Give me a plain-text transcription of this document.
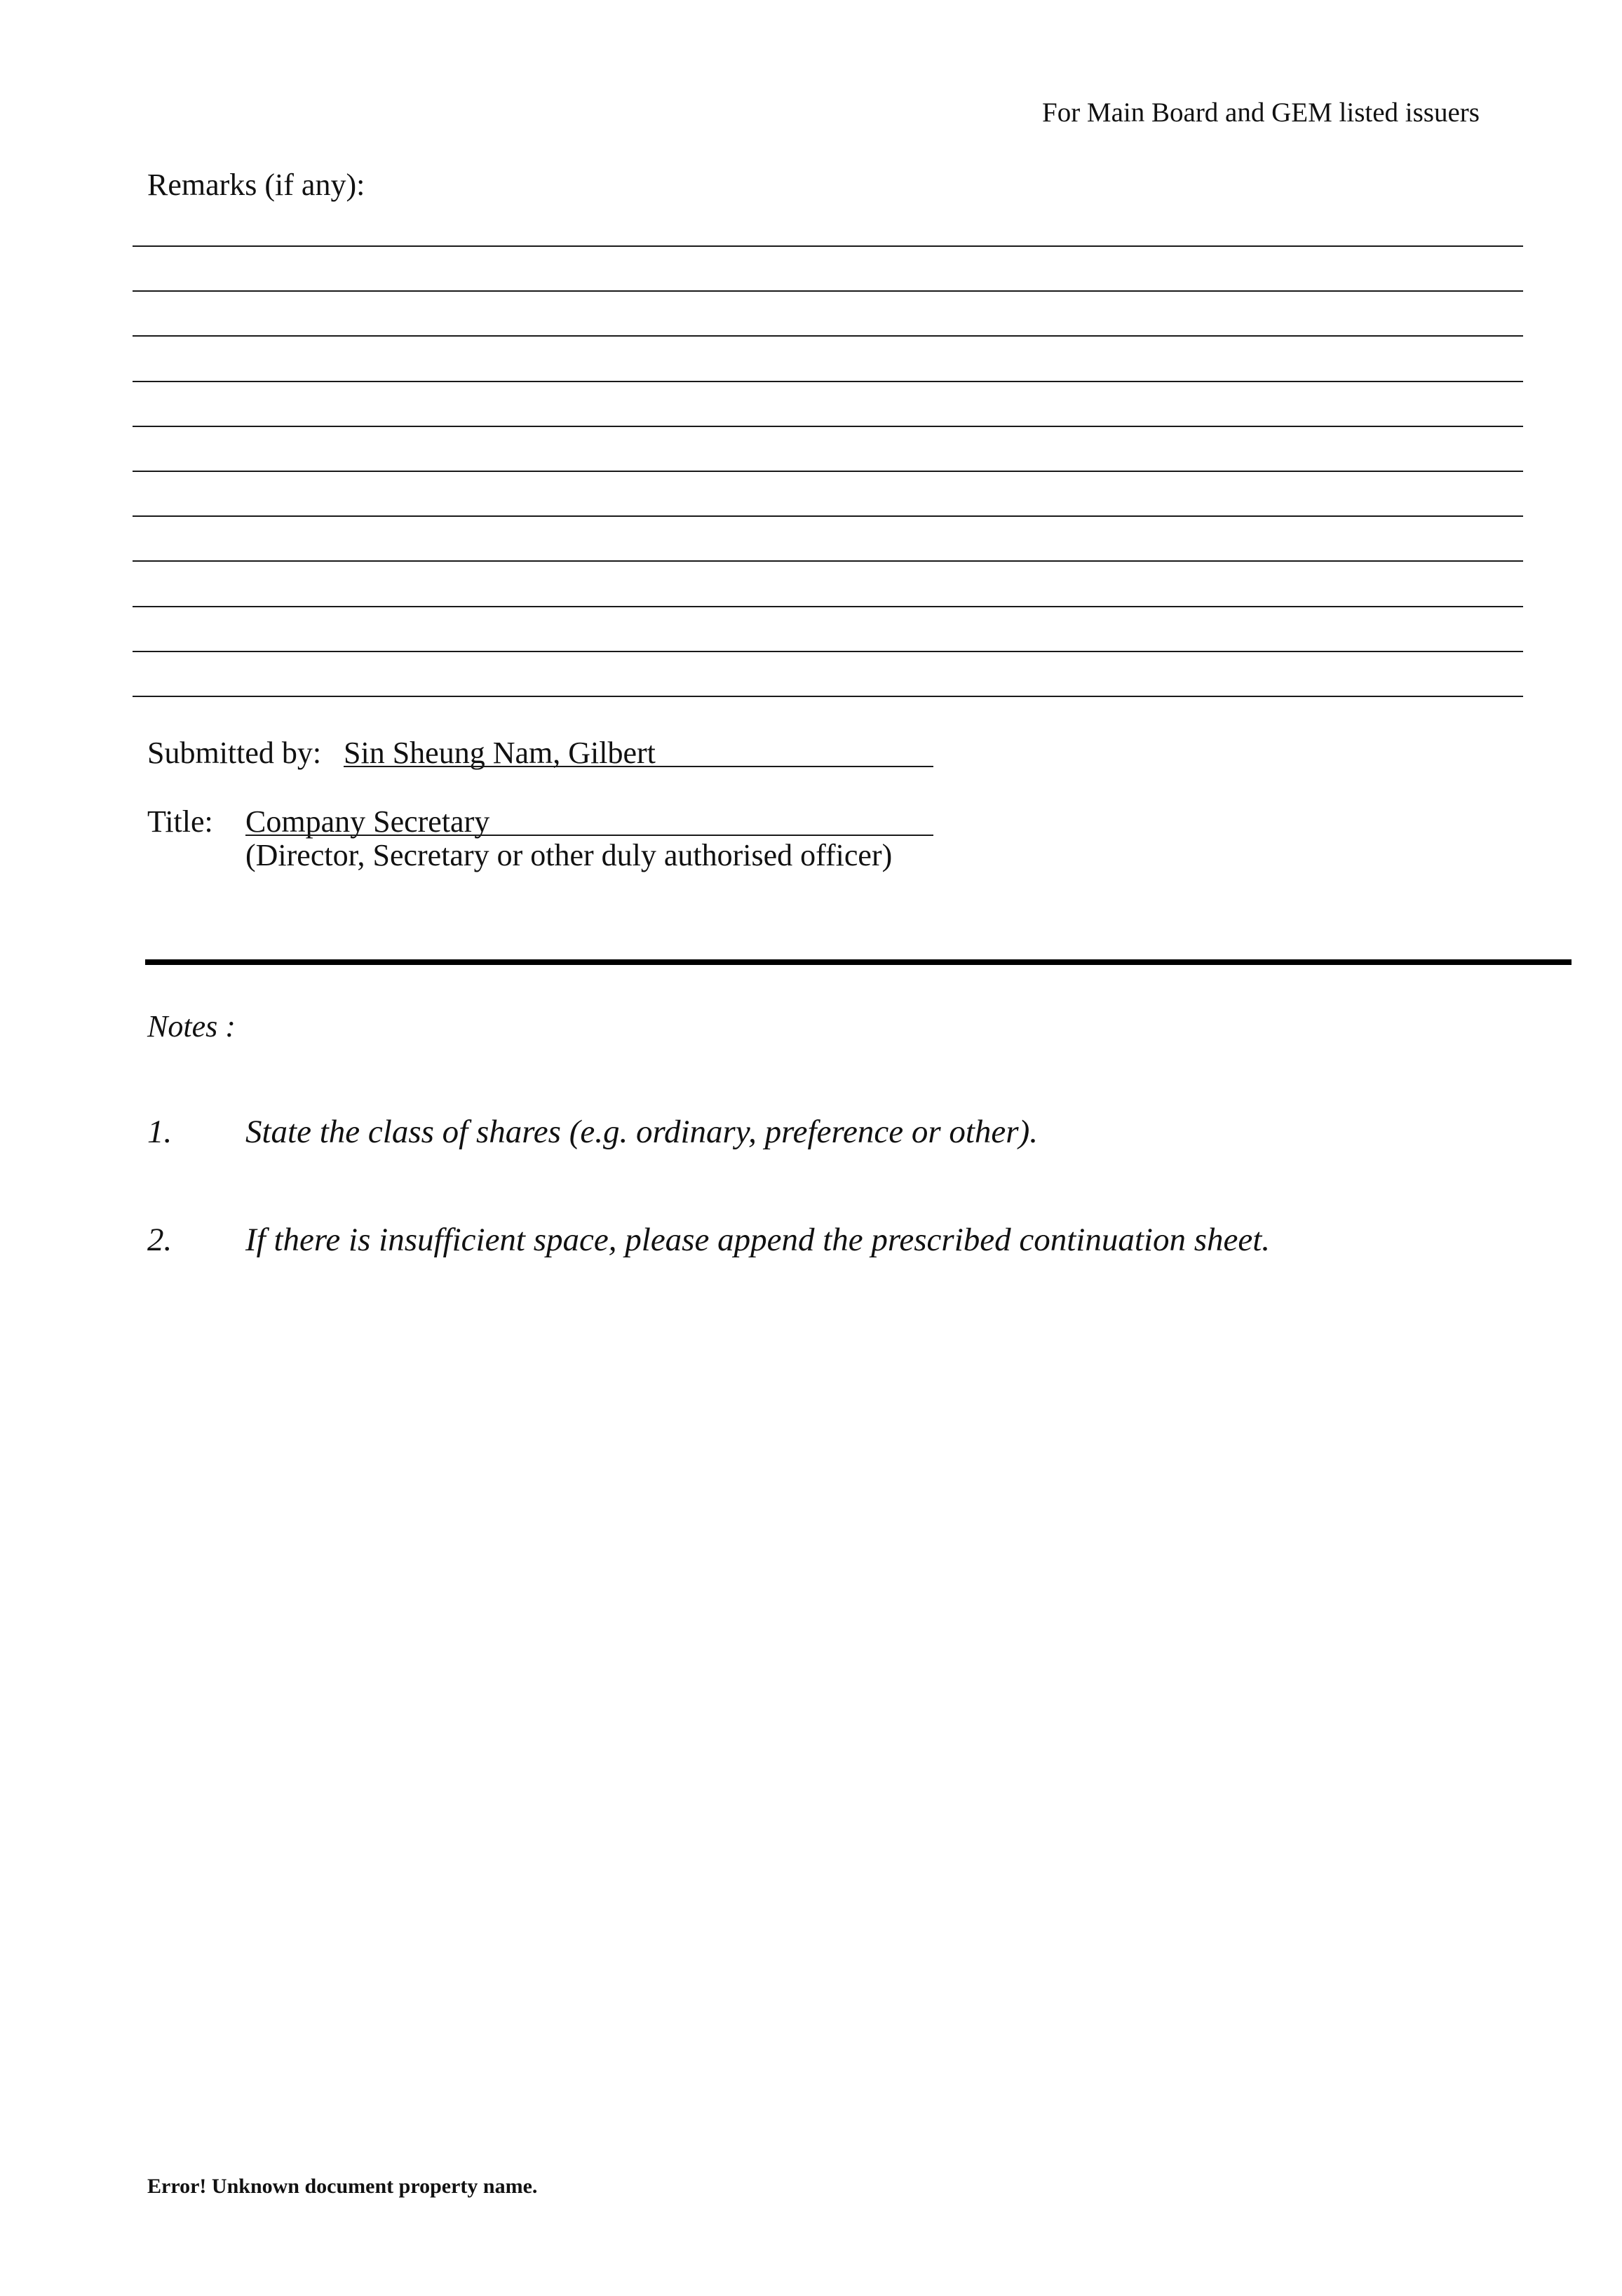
For Main Board and GEM listed issuers
Remarks (if any):
Submitted by: Sin Sheung Nam, Gilbert
Title: Company Secretary
(Director, Secretary or other duly authorised officer)
Notes :
1. State the class of shares (e.g. ordinary, preference or other).
2. If there is insufficient space, please append the prescribed continuation sheet.
Error! Unknown document property name.
